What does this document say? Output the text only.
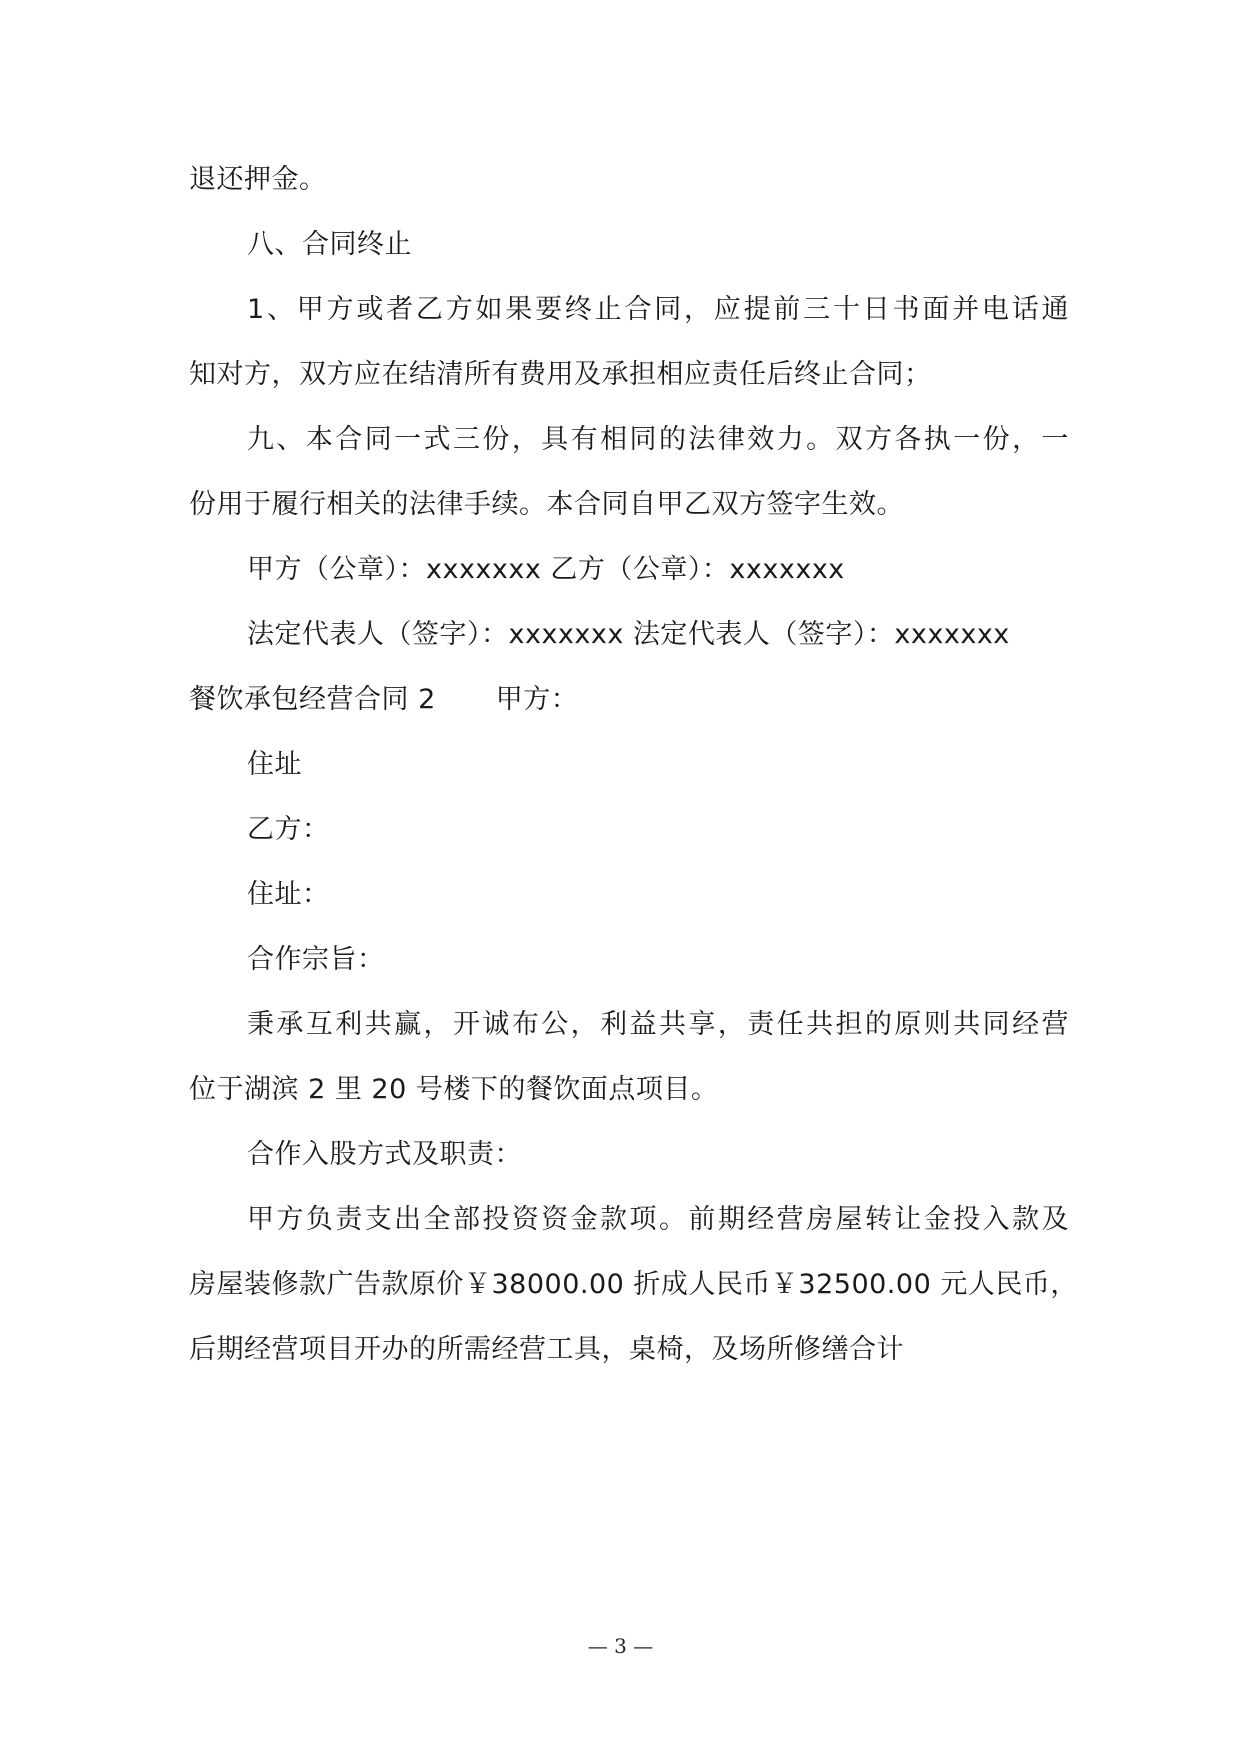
退还押金。
八、合同终止
1、甲方或者乙方如果要终止合同，应提前三十日书面并电话通
知对方，双方应在结清所有费用及承担相应责任后终止合同；
九、本合同一式三份，具有相同的法律效力。双方各执一份，一
份用于履行相关的法律手续。本合同自甲乙双方签字生效。
甲方（公章）：xxxxxxx 乙方（公章）：xxxxxxx
法定代表人（签字）：xxxxxxx 法定代表人（签字）：xxxxxxx
餐饮承包经营合同 2 甲方：
住址
乙方：
住址：
合作宗旨：
秉承互利共赢，开诚布公，利益共享，责任共担的原则共同经营
位于湖滨 2 里 20 号楼下的餐饮面点项目。
合作入股方式及职责：
甲方负责支出全部投资资金款项。前期经营房屋转让金投入款及
房屋装修款广告款原价￥38000.00 折成人民币￥32500.00 元人民币，
后期经营项目开办的所需经营工具，桌椅，及场所修缮合计
— 3 —
